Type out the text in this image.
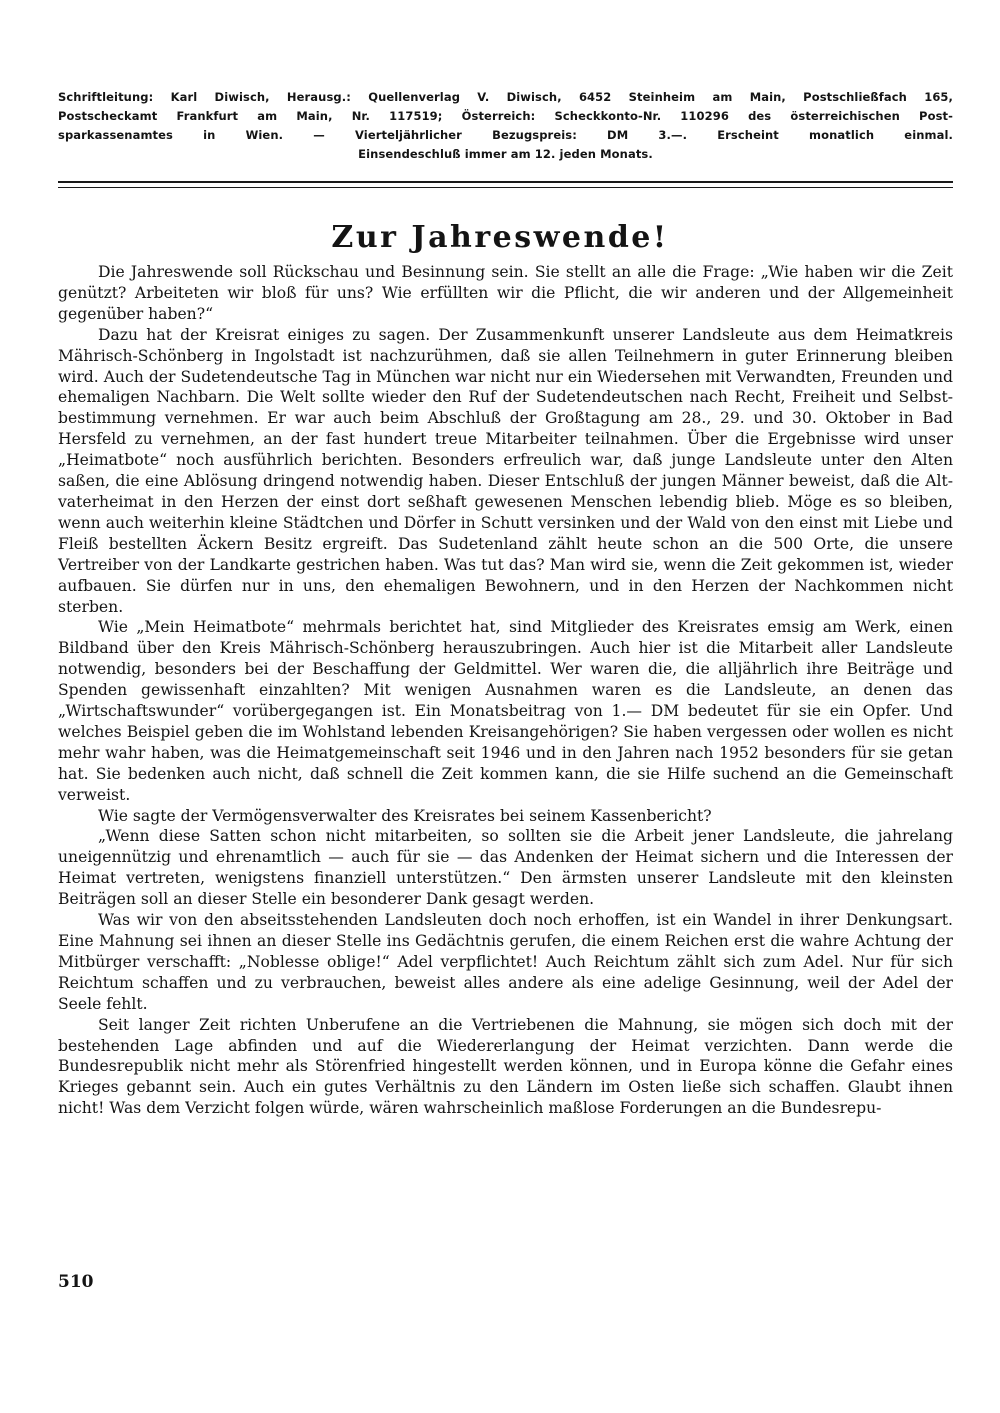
Schriftleitung: Karl Diwisch, Herausg.: Quellenverlag V. Diwisch, 6452 Steinheim am Main, Postschließfach 165,

Postscheckamt Frankfurt am Main, Nr. 117519; Österreich: Scheckkonto-Nr. 110296 des österreichischen Post-

sparkassenamtes in Wien. — Vierteljährlicher Bezugspreis: DM 3.—. Erscheint monatlich einmal.

Einsendeschluß immer am 12. jeden Monats.

Zur Jahreswende!

Die Jahreswende soll Rückschau und Besinnung sein. Sie stellt an alle die Frage: „Wie haben wir die Zeit genützt? Arbeiteten wir bloß für uns? Wie erfüllten wir die Pflicht, die wir anderen und der Allgemeinheit gegenüber haben?“

Dazu hat der Kreisrat einiges zu sagen. Der Zusammenkunft unserer Landsleute aus dem Heimatkreis Mährisch-Schönberg in Ingolstadt ist nachzurühmen, daß sie allen Teilnehmern in guter Erinnerung bleiben wird. Auch der Sudetendeutsche Tag in München war nicht nur ein Wiedersehen mit Verwandten, Freunden und ehemaligen Nachbarn. Die Welt sollte wieder den Ruf der Sudetendeutschen nach Recht, Freiheit und Selbstbestimmung vernehmen. Er war auch beim Abschluß der Großtagung am 28., 29. und 30. Oktober in Bad Hersfeld zu vernehmen, an der fast hundert treue Mitarbeiter teilnahmen. Über die Ergebnisse wird unser „Heimatbote“ noch ausführlich berichten. Besonders erfreulich war, daß junge Landsleute unter den Alten saßen, die eine Ablösung dringend notwendig haben. Dieser Entschluß der jungen Männer beweist, daß die Altvaterheimat in den Herzen der einst dort seßhaft gewesenen Menschen lebendig blieb. Möge es so bleiben, wenn auch weiterhin kleine Städtchen und Dörfer in Schutt versinken und der Wald von den einst mit Liebe und Fleiß bestellten Äckern Besitz ergreift. Das Sudetenland zählt heute schon an die 500 Orte, die unsere Vertreiber von der Landkarte gestrichen haben. Was tut das? Man wird sie, wenn die Zeit gekommen ist, wieder aufbauen. Sie dürfen nur in uns, den ehemaligen Bewohnern, und in den Herzen der Nachkommen nicht sterben.

Wie „Mein Heimatbote“ mehrmals berichtet hat, sind Mitglieder des Kreisrates emsig am Werk, einen Bildband über den Kreis Mährisch-Schönberg herauszubringen. Auch hier ist die Mitarbeit aller Landsleute notwendig, besonders bei der Beschaffung der Geldmittel. Wer waren die, die alljährlich ihre Beiträge und Spenden gewissenhaft einzahlten? Mit wenigen Ausnahmen waren es die Landsleute, an denen das „Wirtschaftswunder“ vorübergegangen ist. Ein Monatsbeitrag von 1.— DM bedeutet für sie ein Opfer. Und welches Beispiel geben die im Wohlstand lebenden Kreisangehörigen? Sie haben vergessen oder wollen es nicht mehr wahr haben, was die Heimatgemeinschaft seit 1946 und in den Jahren nach 1952 besonders für sie getan hat. Sie bedenken auch nicht, daß schnell die Zeit kommen kann, die sie Hilfe suchend an die Gemeinschaft verweist.

Wie sagte der Vermögensverwalter des Kreisrates bei seinem Kassenbericht?

„Wenn diese Satten schon nicht mitarbeiten, so sollten sie die Arbeit jener Landsleute, die jahrelang uneigennützig und ehrenamtlich — auch für sie — das Andenken der Heimat sichern und die Interessen der Heimat vertreten, wenigstens finanziell unterstützen.“ Den ärmsten unserer Landsleute mit den kleinsten Beiträgen soll an dieser Stelle ein besonderer Dank gesagt werden.

Was wir von den abseitsstehenden Landsleuten doch noch erhoffen, ist ein Wandel in ihrer Denkungsart. Eine Mahnung sei ihnen an dieser Stelle ins Gedächtnis gerufen, die einem Reichen erst die wahre Achtung der Mitbürger verschafft: „Noblesse oblige!“ Adel verpflichtet! Auch Reichtum zählt sich zum Adel. Nur für sich Reichtum schaffen und zu verbrauchen, beweist alles andere als eine adelige Gesinnung, weil der Adel der Seele fehlt.

Seit langer Zeit richten Unberufene an die Vertriebenen die Mahnung, sie mögen sich doch mit der bestehenden Lage abfinden und auf die Wiedererlangung der Heimat verzichten. Dann werde die Bundesrepublik nicht mehr als Störenfried hingestellt werden können, und in Europa könne die Gefahr eines Krieges gebannt sein. Auch ein gutes Verhältnis zu den Ländern im Osten ließe sich schaffen. Glaubt ihnen nicht! Was dem Verzicht folgen würde, wären wahrscheinlich maßlose Forderungen an die Bundesrepu-

510
